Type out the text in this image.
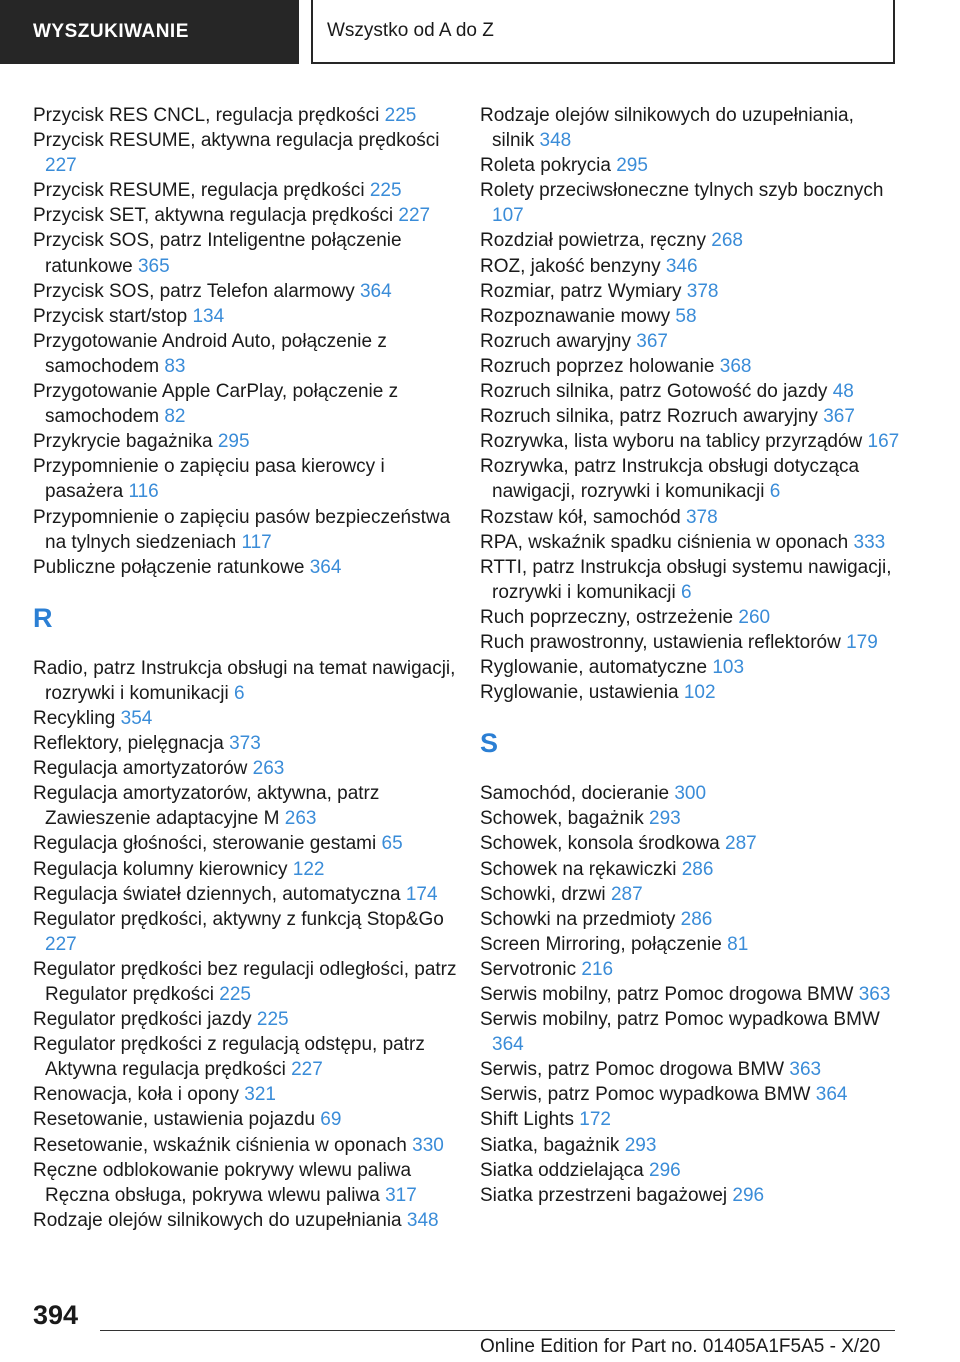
WYSZUKIWANIE	Wszystko od A do Z

Przycisk RES CNCL, regulacja prędkości 225

Przycisk RESUME, aktywna regulacja prędkości 227

Przycisk RESUME, regulacja prędkości 225

Przycisk SET, aktywna regulacja prędkości 227

Przycisk SOS, patrz Inteligentne połączenie ratunkowe 365

Przycisk SOS, patrz Telefon alarmowy 364

Przycisk start/stop 134

Przygotowanie Android Auto, połączenie z samochodem 83

Przygotowanie Apple CarPlay, połączenie z samochodem 82

Przykrycie bagażnika 295

Przypomnienie o zapięciu pasa kierowcy i pasażera 116

Przypomnienie o zapięciu pasów bezpieczeństwa na tylnych siedzeniach 117

Publiczne połączenie ratunkowe 364

R

Radio, patrz Instrukcja obsługi na temat nawigacji, rozrywki i komunikacji 6

Recykling 354

Reflektory, pielęgnacja 373

Regulacja amortyzatorów 263

Regulacja amortyzatorów, aktywna, patrz Zawieszenie adaptacyjne M 263

Regulacja głośności, sterowanie gestami 65

Regulacja kolumny kierownicy 122

Regulacja świateł dziennych, automatyczna 174

Regulator prędkości, aktywny z funkcją Stop&Go 227

Regulator prędkości bez regulacji odległości, patrz Regulator prędkości 225

Regulator prędkości jazdy 225

Regulator prędkości z regulacją odstępu, patrz Aktywna regulacja prędkości 227

Renowacja, koła i opony 321

Resetowanie, ustawienia pojazdu 69

Resetowanie, wskaźnik ciśnienia w oponach 330

Ręczne odblokowanie pokrywy wlewu paliwa Ręczna obsługa, pokrywa wlewu paliwa 317

Rodzaje olejów silnikowych do uzupełniania 348

Rodzaje olejów silnikowych do uzupełniania, silnik 348

Roleta pokrycia 295

Rolety przeciwsłoneczne tylnych szyb bocznych 107

Rozdział powietrza, ręczny 268

ROZ, jakość benzyny 346

Rozmiar, patrz Wymiary 378

Rozpoznawanie mowy 58

Rozruch awaryjny 367

Rozruch poprzez holowanie 368

Rozruch silnika, patrz Gotowość do jazdy 48

Rozruch silnika, patrz Rozruch awaryjny 367

Rozrywka, lista wyboru na tablicy przyrządów 167

Rozrywka, patrz Instrukcja obsługi dotycząca nawigacji, rozrywki i komunikacji 6

Rozstaw kół, samochód 378

RPA, wskaźnik spadku ciśnienia w oponach 333

RTTI, patrz Instrukcja obsługi systemu nawigacji, rozrywki i komunikacji 6

Ruch poprzeczny, ostrzeżenie 260

Ruch prawostronny, ustawienia reflektorów 179

Ryglowanie, automatyczne 103

Ryglowanie, ustawienia 102

S

Samochód, docieranie 300

Schowek, bagażnik 293

Schowek, konsola środkowa 287

Schowek na rękawiczki 286

Schowki, drzwi 287

Schowki na przedmioty 286

Screen Mirroring, połączenie 81

Servotronic 216

Serwis mobilny, patrz Pomoc drogowa BMW 363

Serwis mobilny, patrz Pomoc wypadkowa BMW 364

Serwis, patrz Pomoc drogowa BMW 363

Serwis, patrz Pomoc wypadkowa BMW 364

Shift Lights 172

Siatka, bagażnik 293

Siatka oddzielająca 296

Siatka przestrzeni bagażowej 296

394
Online Edition for Part no. 01405A1F5A5 - X/20
